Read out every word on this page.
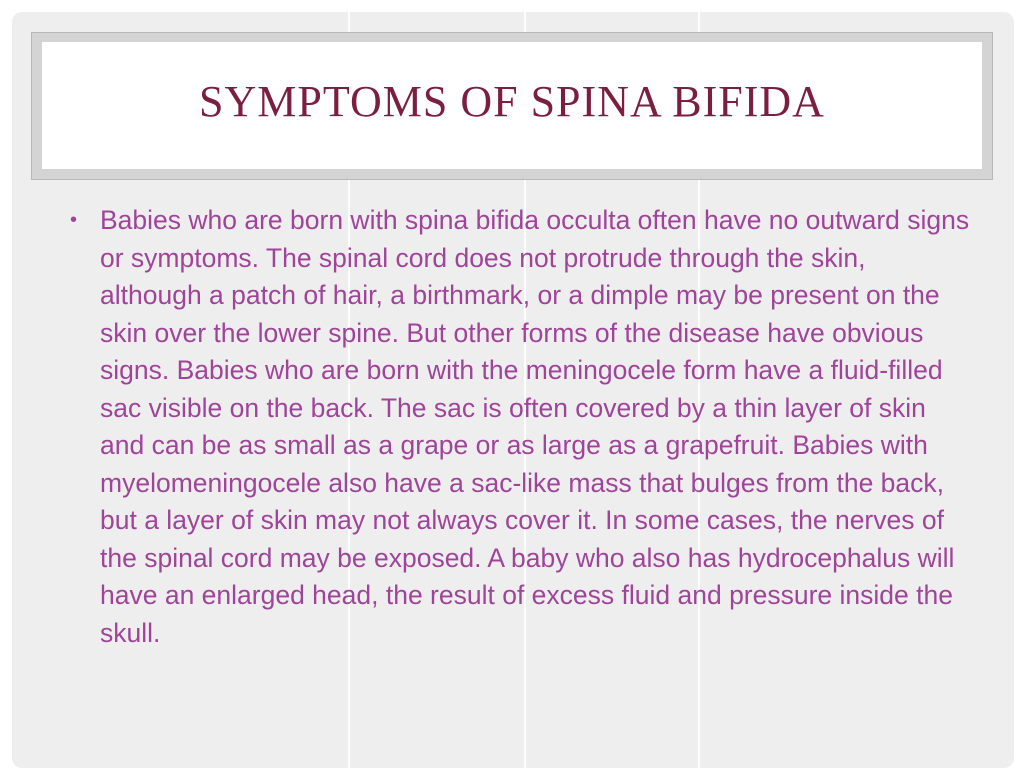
SYMPTOMS OF SPINA BIFIDA
• Babies who are born with spina bifida occulta often have no outward signs or symptoms. The spinal cord does not protrude through the skin, although a patch of hair, a birthmark, or a dimple may be present on the skin over the lower spine. But other forms of the disease have obvious signs. Babies who are born with the meningocele form have a fluid-filled sac visible on the back. The sac is often covered by a thin layer of skin and can be as small as a grape or as large as a grapefruit. Babies with myelomeningocele also have a sac-like mass that bulges from the back, but a layer of skin may not always cover it. In some cases, the nerves of the spinal cord may be exposed. A baby who also has hydrocephalus will have an enlarged head, the result of excess fluid and pressure inside the skull.
